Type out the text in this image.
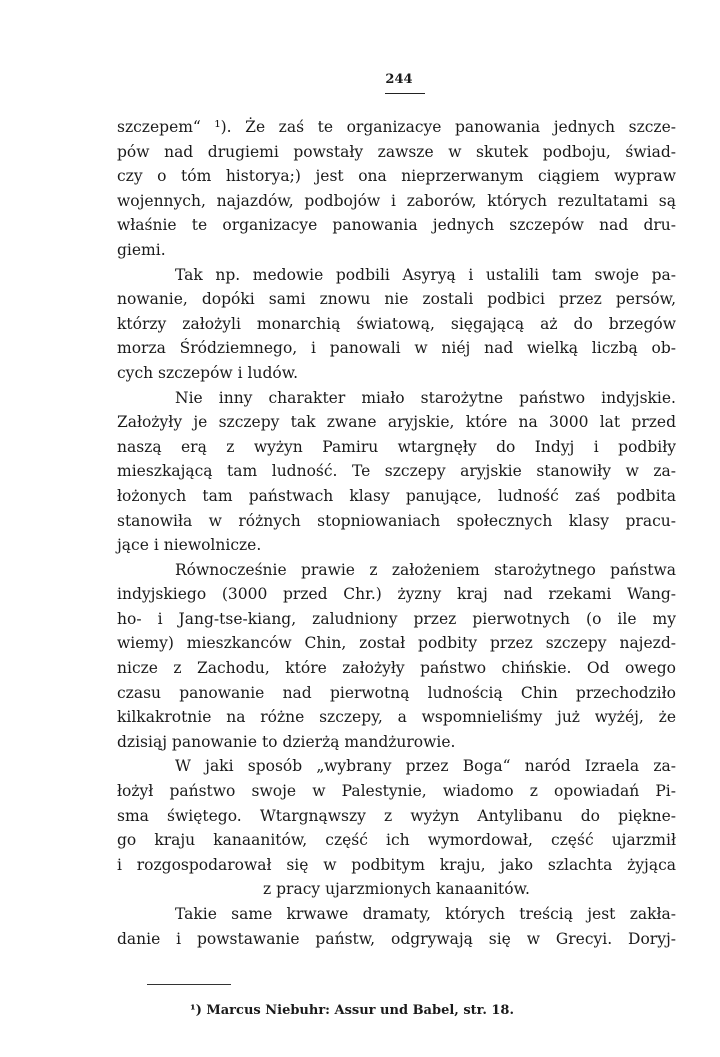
244
szczepem“ ¹). Że zaś te organizacye panowania jednych szcze-
pów nad drugiemi powstały zawsze w skutek podboju, świad-
czy o tóm historya;) jest ona nieprzerwanym ciągiem wypraw
wojennych, najazdów, podbojów i zaborów, których rezultatami są
właśnie te organizacye panowania jednych szczepów nad dru-
giemi.
Tak np. medowie podbili Asyryą i ustalili tam swoje pa-
nowanie, dopóki sami znowu nie zostali podbici przez persów,
którzy założyli monarchią światową, sięgającą aż do brzegów
morza Śródziemnego, i panowali w niéj nad wielką liczbą ob-
cych szczepów i ludów.
Nie inny charakter miało starożytne państwo indyjskie.
Założyły je szczepy tak zwane aryjskie, które na 3000 lat przed
naszą erą z wyżyn Pamiru wtargnęły do Indyj i podbiły
mieszkającą tam ludność. Te szczepy aryjskie stanowiły w za-
łożonych tam państwach klasy panujące, ludność zaś podbita
stanowiła w różnych stopniowaniach społecznych klasy pracu-
jące i niewolnicze.
Równocześnie prawie z założeniem starożytnego państwa
indyjskiego (3000 przed Chr.) żyzny kraj nad rzekami Wang-
ho- i Jang-tse-kiang, zaludniony przez pierwotnych (o ile my
wiemy) mieszkanców Chin, został podbity przez szczepy najezd-
nicze z Zachodu, które założyły państwo chińskie. Od owego
czasu panowanie nad pierwotną ludnością Chin przechodziło
kilkakrotnie na różne szczepy, a wspomnieliśmy już wyżéj, że
dzisiąj panowanie to dzierżą mandżurowie.
W jaki sposób „wybrany przez Boga“ naród Izraela za-
łożył państwo swoje w Palestynie, wiadomo z opowiadań Pi-
sma świętego. Wtargnąwszy z wyżyn Antylibanu do piękne-
go kraju kanaanitów, część ich wymordował, część ujarzmił
i rozgospodarował się w podbitym kraju, jako szlachta żyjąca
z pracy ujarzmionych kanaanitów.
Takie same krwawe dramaty, których treścią jest zakła-
danie i powstawanie państw, odgrywają się w Grecyi. Doryj-
¹) Marcus Niebuhr: Assur und Babel, str. 18.
